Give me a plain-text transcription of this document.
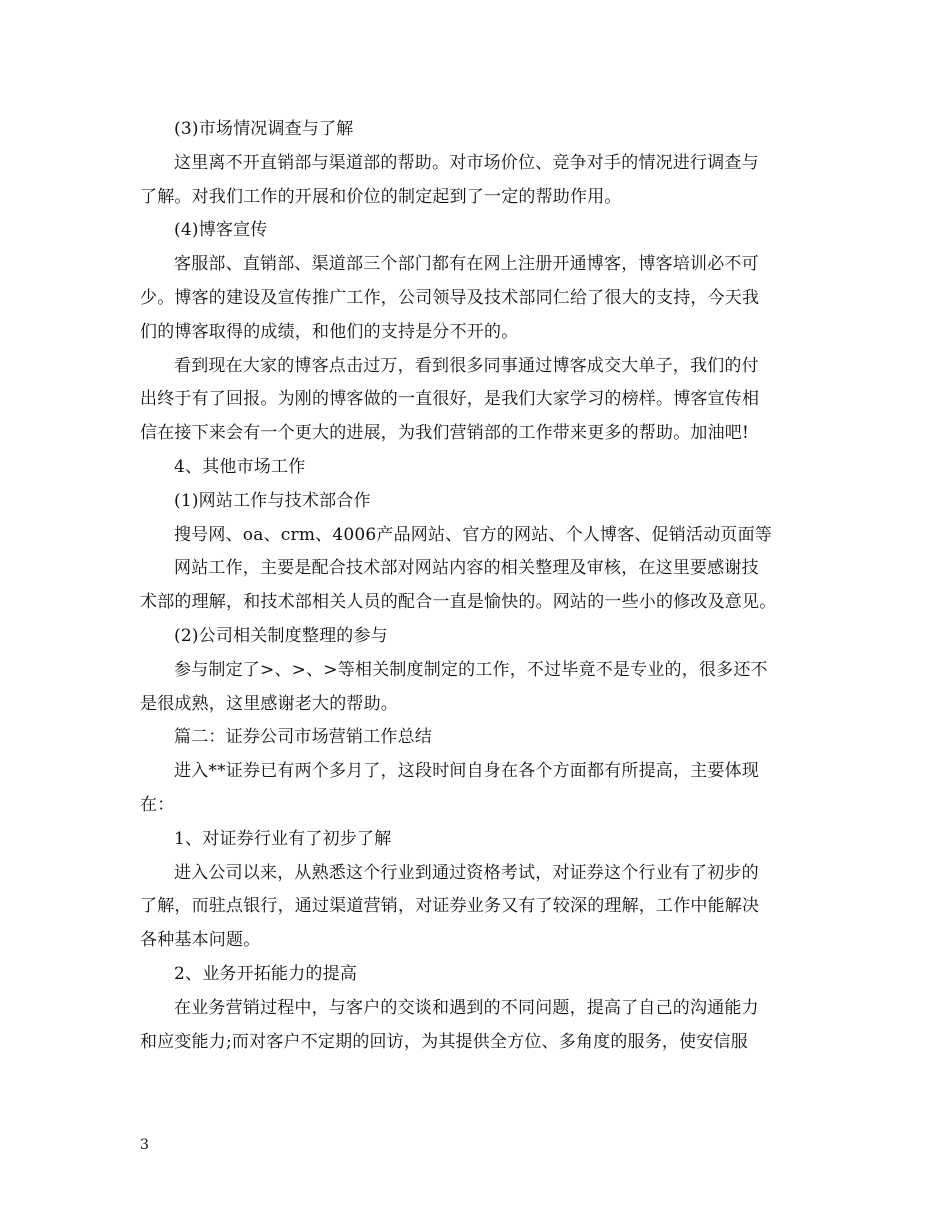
(3)市场情况调查与了解
这里离不开直销部与渠道部的帮助。对市场价位、竞争对手的情况进行调查与
了解。对我们工作的开展和价位的制定起到了一定的帮助作用。
(4)博客宣传
客服部、直销部、渠道部三个部门都有在网上注册开通博客，博客培训必不可
少。博客的建设及宣传推广工作，公司领导及技术部同仁给了很大的支持，今天我
们的博客取得的成绩，和他们的支持是分不开的。
看到现在大家的博客点击过万，看到很多同事通过博客成交大单子，我们的付
出终于有了回报。为刚的博客做的一直很好，是我们大家学习的榜样。博客宣传相
信在接下来会有一个更大的进展，为我们营销部的工作带来更多的帮助。加油吧!
4、其他市场工作
(1)网站工作与技术部合作
搜号网、oa、crm、4006产品网站、官方的网站、个人博客、促销活动页面等
网站工作，主要是配合技术部对网站内容的相关整理及审核，在这里要感谢技
术部的理解，和技术部相关人员的配合一直是愉快的。网站的一些小的修改及意见。
(2)公司相关制度整理的参与
参与制定了>、>、>等相关制度制定的工作，不过毕竟不是专业的，很多还不
是很成熟，这里感谢老大的帮助。
篇二：证券公司市场营销工作总结
进入**证券已有两个多月了，这段时间自身在各个方面都有所提高，主要体现
在：
1、对证券行业有了初步了解
进入公司以来，从熟悉这个行业到通过资格考试，对证券这个行业有了初步的
了解，而驻点银行，通过渠道营销，对证券业务又有了较深的理解，工作中能解决
各种基本问题。
2、业务开拓能力的提高
在业务营销过程中，与客户的交谈和遇到的不同问题，提高了自己的沟通能力
和应变能力;而对客户不定期的回访，为其提供全方位、多角度的服务，使安信服
3
